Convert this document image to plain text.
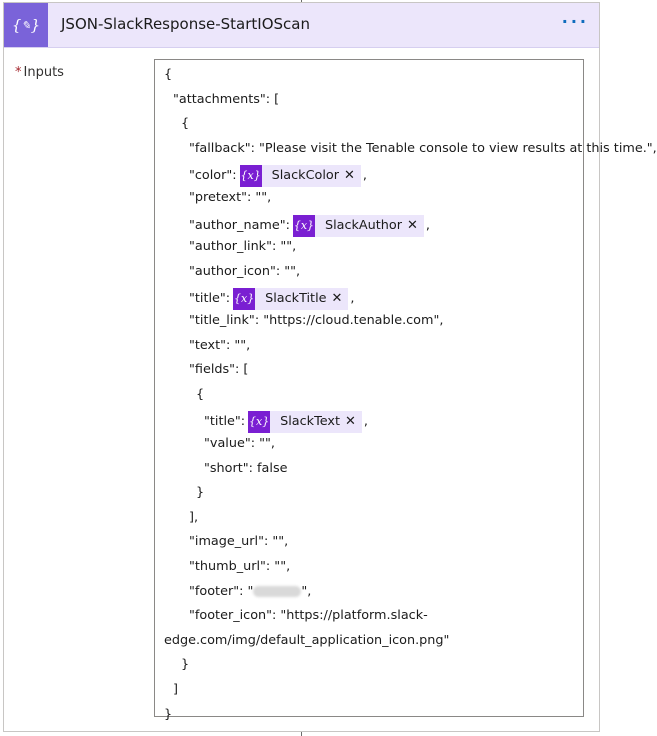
{ ✎ }	JSON-SlackResponse-StartIOScan	···
* Inputs	{
"attachments": [
{
"fallback": "Please visit the Tenable console to view results at this time.",
"color": {x} SlackColor ✕ ,
"pretext": "",
"author_name": {x} SlackAuthor ✕ ,
"author_link": "",
"author_icon": "",
"title": {x} SlackTitle ✕ ,
"title_link": "https://cloud.tenable.com",
"text": "",
"fields": [
{
"title": {x} SlackText ✕ ,
"value": "",
"short": false
}
],
"image_url": "",
"thumb_url": "",
"footer": "	",
"footer_icon": "https://platform.slack-
edge.com/img/default_application_icon.png"
}
]
}
